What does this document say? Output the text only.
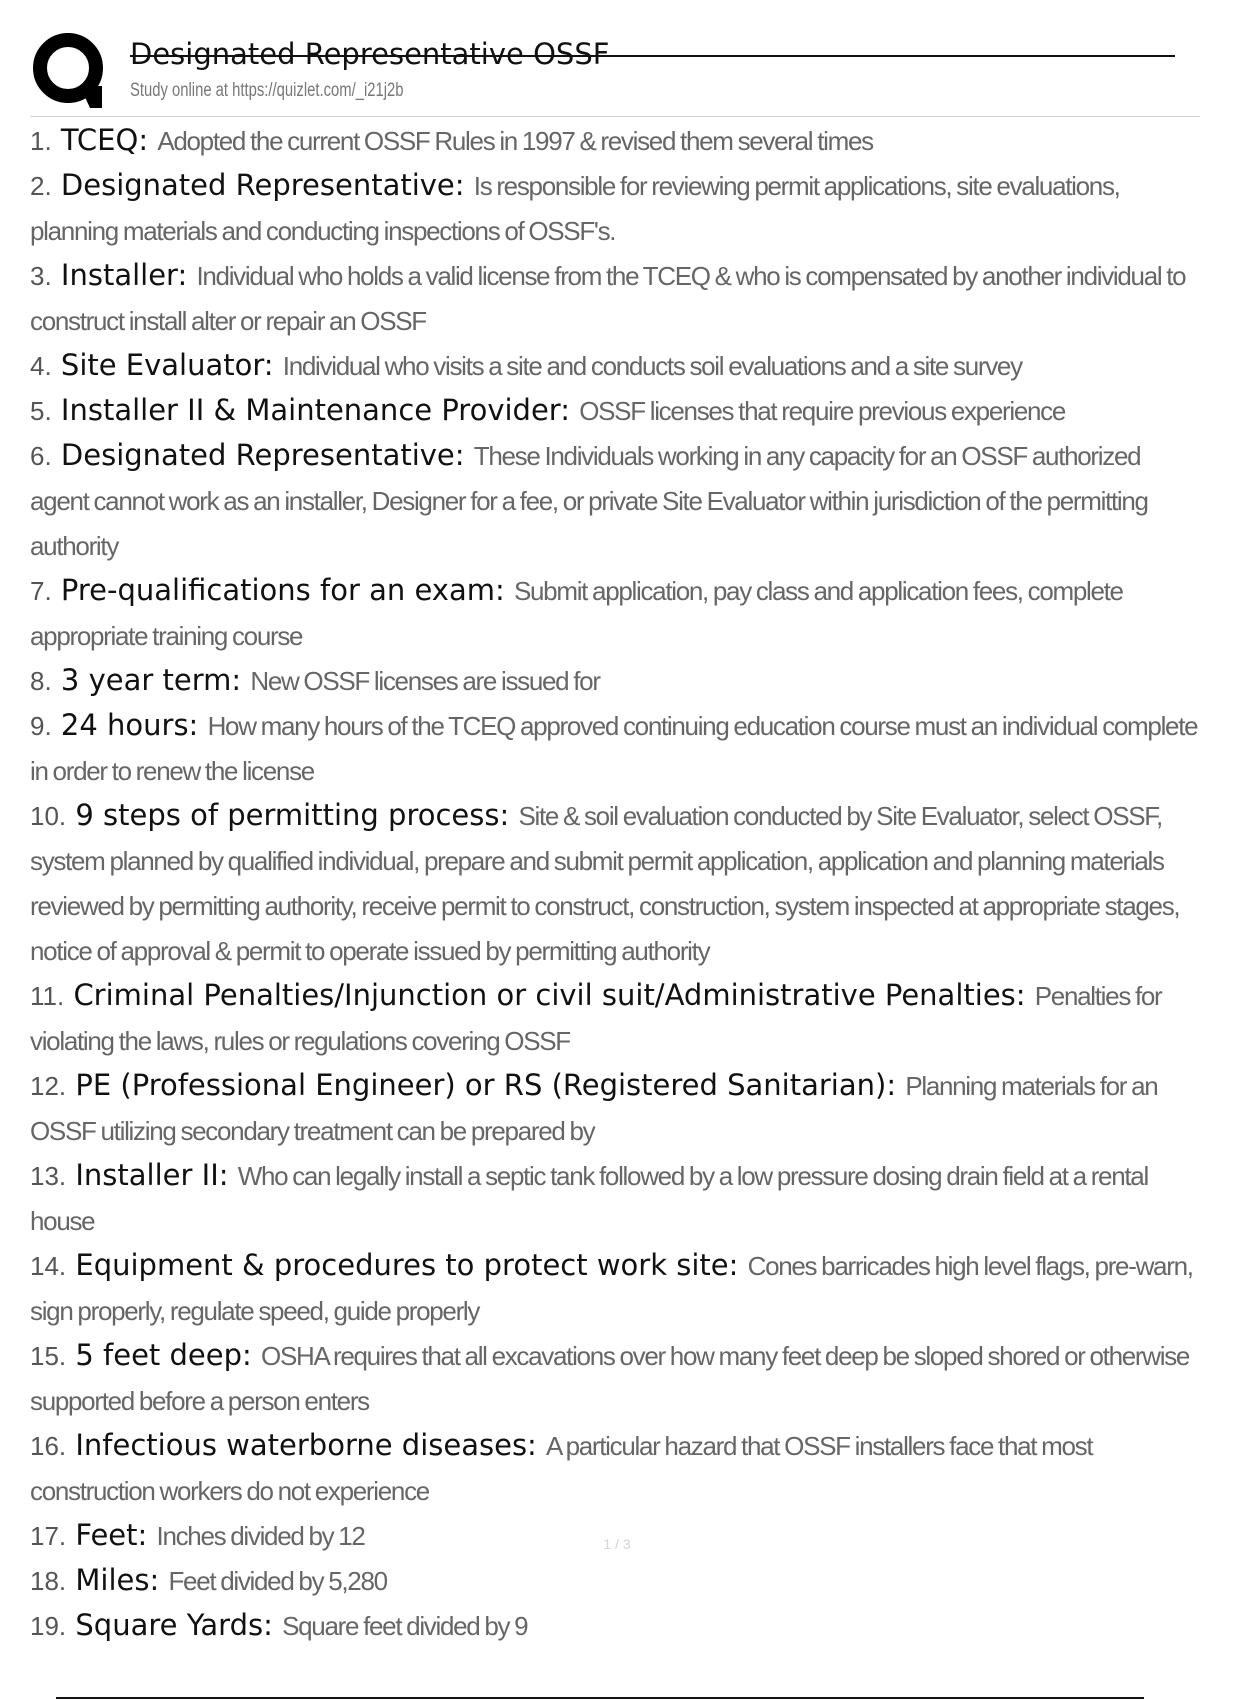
Designated Representative OSSF
Study online at https://quizlet.com/_i21j2b
1. TCEQ: Adopted the current OSSF Rules in 1997 & revised them several times
2. Designated Representative: Is responsible for reviewing permit applications, site evaluations, planning materials and conducting inspections of OSSF's.
3. Installer: Individual who holds a valid license from the TCEQ & who is compensated by another individual to construct install alter or repair an OSSF
4. Site Evaluator: Individual who visits a site and conducts soil evaluations and a site survey
5. Installer II & Maintenance Provider: OSSF licenses that require previous experience
6. Designated Representative: These Individuals working in any capacity for an OSSF authorized agent cannot work as an installer, Designer for a fee, or private Site Evaluator within jurisdiction of the permitting authority
7. Pre-qualifications for an exam: Submit application, pay class and application fees, complete appropriate training course
8. 3 year term: New OSSF licenses are issued for
9. 24 hours: How many hours of the TCEQ approved continuing education course must an individual complete in order to renew the license
10. 9 steps of permitting process: Site & soil evaluation conducted by Site Evaluator, select OSSF, system planned by qualified individual, prepare and submit permit application, application and planning materials reviewed by permitting authority, receive permit to construct, construction, system inspected at appropriate stages, notice of approval & permit to operate issued by permitting authority
11. Criminal Penalties/Injunction or civil suit/Administrative Penalties: Penalties for violating the laws, rules or regulations covering OSSF
12. PE (Professional Engineer) or RS (Registered Sanitarian): Planning materials for an OSSF utilizing secondary treatment can be prepared by
13. Installer II: Who can legally install a septic tank followed by a low pressure dosing drain field at a rental house
14. Equipment & procedures to protect work site: Cones barricades high level flags, pre-warn, sign properly, regulate speed, guide properly
15. 5 feet deep: OSHA requires that all excavations over how many feet deep be sloped shored or otherwise supported before a person enters
16. Infectious waterborne diseases: A particular hazard that OSSF installers face that most construction workers do not experience
17. Feet: Inches divided by 12
18. Miles: Feet divided by 5,280
19. Square Yards: Square feet divided by 9
1 / 3
